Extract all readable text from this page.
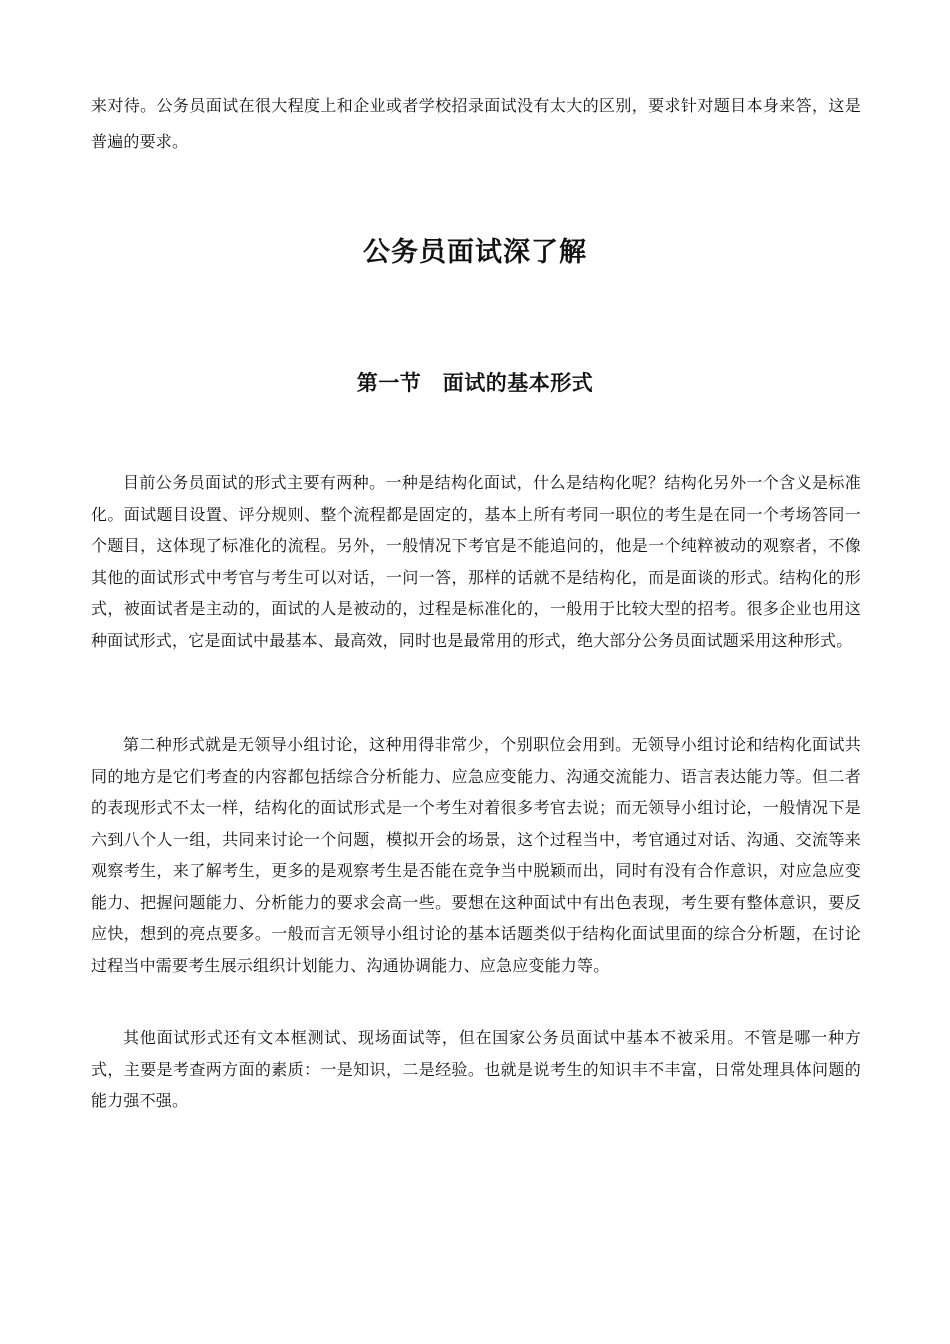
来对待。公务员面试在很大程度上和企业或者学校招录面试没有太大的区别，要求针对题目本身来答，这是普遍的要求。

公务员面试深了解
第一节　面试的基本形式

目前公务员面试的形式主要有两种。一种是结构化面试，什么是结构化呢？结构化另外一个含义是标准化。面试题目设置、评分规则、整个流程都是固定的，基本上所有考同一职位的考生是在同一个考场答同一个题目，这体现了标准化的流程。另外，一般情况下考官是不能追问的，他是一个纯粹被动的观察者，不像其他的面试形式中考官与考生可以对话，一问一答，那样的话就不是结构化，而是面谈的形式。结构化的形式，被面试者是主动的，面试的人是被动的，过程是标准化的，一般用于比较大型的招考。很多企业也用这种面试形式，它是面试中最基本、最高效，同时也是最常用的形式，绝大部分公务员面试题采用这种形式。

第二种形式就是无领导小组讨论，这种用得非常少，个别职位会用到。无领导小组讨论和结构化面试共同的地方是它们考查的内容都包括综合分析能力、应急应变能力、沟通交流能力、语言表达能力等。但二者的表现形式不太一样，结构化的面试形式是一个考生对着很多考官去说；而无领导小组讨论，一般情况下是六到八个人一组，共同来讨论一个问题，模拟开会的场景，这个过程当中，考官通过对话、沟通、交流等来观察考生，来了解考生，更多的是观察考生是否能在竞争当中脱颖而出，同时有没有合作意识，对应急应变能力、把握问题能力、分析能力的要求会高一些。要想在这种面试中有出色表现，考生要有整体意识，要反应快，想到的亮点要多。一般而言无领导小组讨论的基本话题类似于结构化面试里面的综合分析题，在讨论过程当中需要考生展示组织计划能力、沟通协调能力、应急应变能力等。

其他面试形式还有文本框测试、现场面试等，但在国家公务员面试中基本不被采用。不管是哪一种方式，主要是考查两方面的素质：一是知识，二是经验。也就是说考生的知识丰不丰富，日常处理具体问题的能力强不强。
